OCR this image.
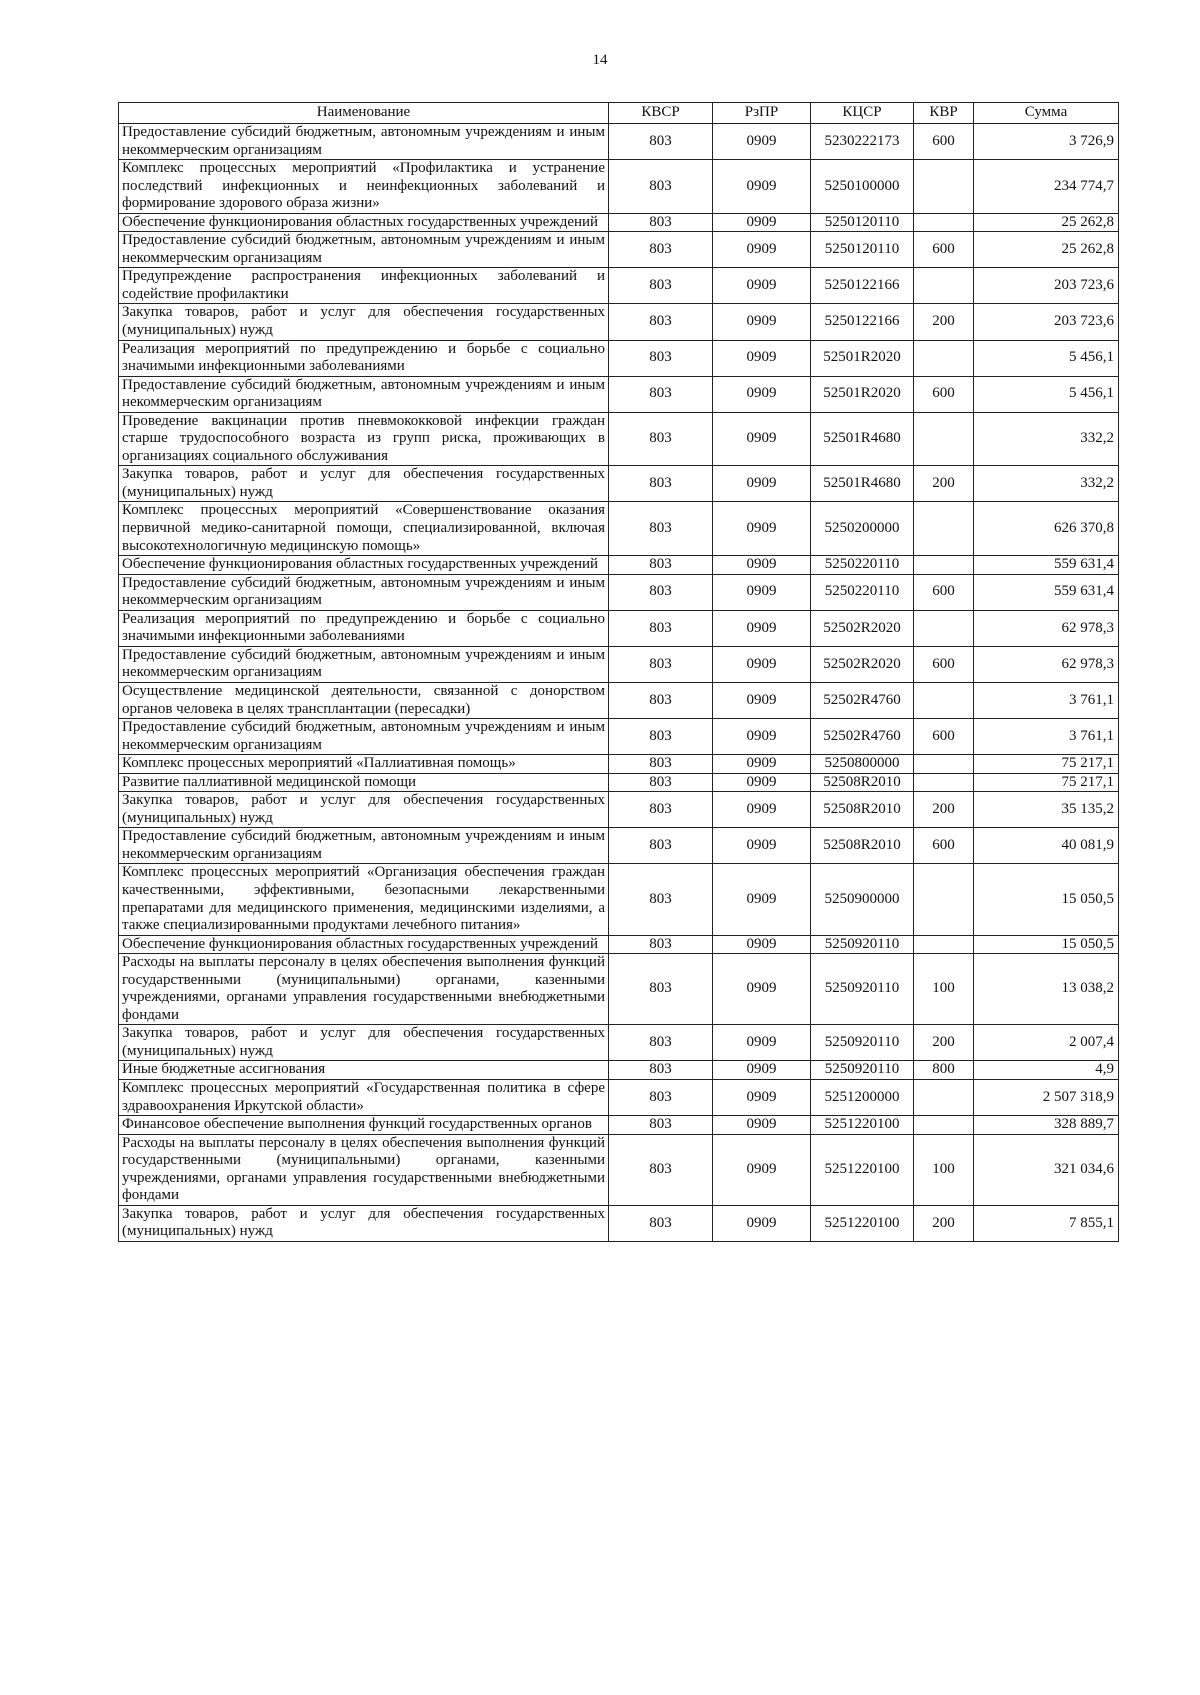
14
Наименование	КВСР	РзПР	КЦСР	КВР	Сумма
Предоставление субсидий бюджетным, автономным учреждениям и иным некоммерческим организациям	803	0909	5230222173	600	3 726,9
Комплекс процессных мероприятий «Профилактика и устранение последствий инфекционных и неинфекционных заболеваний и формирование здорового образа жизни»	803	0909	5250100000		234 774,7
Обеспечение функционирования областных государственных учреждений	803	0909	5250120110		25 262,8
Предоставление субсидий бюджетным, автономным учреждениям и иным некоммерческим организациям	803	0909	5250120110	600	25 262,8
Предупреждение распространения инфекционных заболеваний и содействие профилактики	803	0909	5250122166		203 723,6
Закупка товаров, работ и услуг для обеспечения государственных (муниципальных) нужд	803	0909	5250122166	200	203 723,6
Реализация мероприятий по предупреждению и борьбе с социально значимыми инфекционными заболеваниями	803	0909	52501R2020		5 456,1
Предоставление субсидий бюджетным, автономным учреждениям и иным некоммерческим организациям	803	0909	52501R2020	600	5 456,1
Проведение вакцинации против пневмококковой инфекции граждан старше трудоспособного возраста из групп риска, проживающих в организациях социального обслуживания	803	0909	52501R4680		332,2
Закупка товаров, работ и услуг для обеспечения государственных (муниципальных) нужд	803	0909	52501R4680	200	332,2
Комплекс процессных мероприятий «Совершенствование оказания первичной медико-санитарной помощи, специализированной, включая высокотехнологичную медицинскую помощь»	803	0909	5250200000		626 370,8
Обеспечение функционирования областных государственных учреждений	803	0909	5250220110		559 631,4
Предоставление субсидий бюджетным, автономным учреждениям и иным некоммерческим организациям	803	0909	5250220110	600	559 631,4
Реализация мероприятий по предупреждению и борьбе с социально значимыми инфекционными заболеваниями	803	0909	52502R2020		62 978,3
Предоставление субсидий бюджетным, автономным учреждениям и иным некоммерческим организациям	803	0909	52502R2020	600	62 978,3
Осуществление медицинской деятельности, связанной с донорством органов человека в целях трансплантации (пересадки)	803	0909	52502R4760		3 761,1
Предоставление субсидий бюджетным, автономным учреждениям и иным некоммерческим организациям	803	0909	52502R4760	600	3 761,1
Комплекс процессных мероприятий «Паллиативная помощь»	803	0909	5250800000		75 217,1
Развитие паллиативной медицинской помощи	803	0909	52508R2010		75 217,1
Закупка товаров, работ и услуг для обеспечения государственных (муниципальных) нужд	803	0909	52508R2010	200	35 135,2
Предоставление субсидий бюджетным, автономным учреждениям и иным некоммерческим организациям	803	0909	52508R2010	600	40 081,9
Комплекс процессных мероприятий «Организация обеспечения граждан качественными, эффективными, безопасными лекарственными препаратами для медицинского применения, медицинскими изделиями, а также специализированными продуктами лечебного питания»	803	0909	5250900000		15 050,5
Обеспечение функционирования областных государственных учреждений	803	0909	5250920110		15 050,5
Расходы на выплаты персоналу в целях обеспечения выполнения функций государственными (муниципальными) органами, казенными учреждениями, органами управления государственными внебюджетными фондами	803	0909	5250920110	100	13 038,2
Закупка товаров, работ и услуг для обеспечения государственных (муниципальных) нужд	803	0909	5250920110	200	2 007,4
Иные бюджетные ассигнования	803	0909	5250920110	800	4,9
Комплекс процессных мероприятий «Государственная политика в сфере здравоохранения Иркутской области»	803	0909	5251200000		2 507 318,9
Финансовое обеспечение выполнения функций государственных органов	803	0909	5251220100		328 889,7
Расходы на выплаты персоналу в целях обеспечения выполнения функций государственными (муниципальными) органами, казенными учреждениями, органами управления государственными внебюджетными фондами	803	0909	5251220100	100	321 034,6
Закупка товаров, работ и услуг для обеспечения государственных (муниципальных) нужд	803	0909	5251220100	200	7 855,1
